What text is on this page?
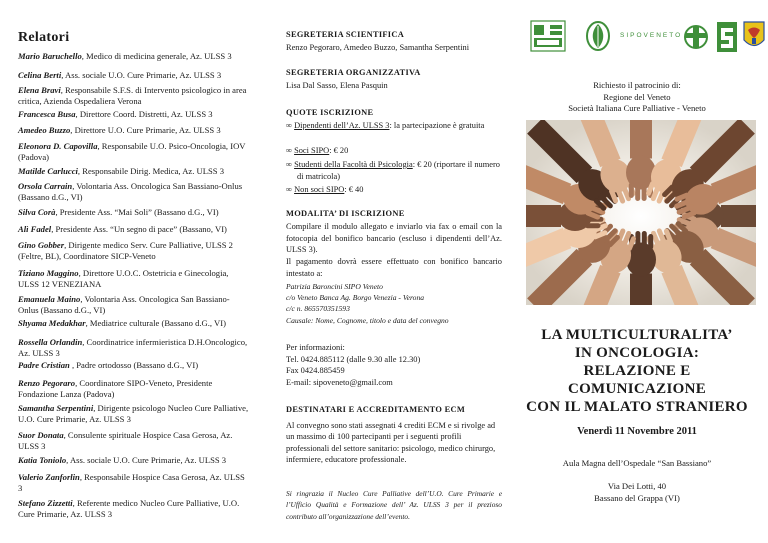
Relatori
Mario Baruchello, Medico di medicina generale, Az. ULSS 3
Celina Berti, Ass. sociale U.O. Cure Primarie, Az. ULSS 3
Elena Bravi, Responsabile S.F.S. di Intervento psicologico in area critica, Azienda Ospedaliera Verona
Francesca Busa, Direttore Coord. Distretti, Az. ULSS 3
Amedeo Buzzo, Direttore U.O. Cure Primarie, Az. ULSS 3
Eleonora D. Capovilla, Responsabile U.O. Psico-Oncologia, IOV (Padova)
Matilde Carlucci, Responsabile Dirig. Medica, Az. ULSS 3
Orsola Carrain, Volontaria Ass. Oncologica San Bassiano-Onlus (Bassano d.G., VI)
Silva Corà, Presidente Ass. “Mai Soli” (Bassano d.G., VI)
Alì Fadel, Presidente Ass. “Un segno di pace” (Bassano, VI)
Gino Gobber, Dirigente medico Serv. Cure Palliative, ULSS 2 (Feltre, BL), Coordinatore SICP-Veneto
Tiziano Maggino, Direttore U.O.C. Ostetricia e Ginecologia, ULSS 12 VENEZIANA
Emanuela Maino, Volontaria Ass. Oncologica San Bassiano-Onlus (Bassano d.G., VI)
Shyama Medakhar, Mediatrice culturale (Bassano d.G., VI)
Rossella Orlandin, Coordinatrice infermieristica D.H.Oncologico, Az. ULSS 3
Padre Cristian , Padre ortodosso (Bassano d.G., VI)
Renzo Pegoraro, Coordinatore SIPO-Veneto, Presidente Fondazione Lanza (Padova)
Samantha Serpentini, Dirigente psicologo Nucleo Cure Palliative, U.O. Cure Primarie, Az. ULSS 3
Suor Donata, Consulente spirituale Hospice Casa Gerosa, Az. ULSS 3
Katia Toniolo, Ass. sociale U.O. Cure Primarie, Az. ULSS 3
Valerio Zanforlin, Responsabile Hospice Casa Gerosa, Az. ULSS 3
Stefano Zizzetti, Referente medico Nucleo Cure Palliative, U.O. Cure Primarie, Az. ULSS 3
SEGRETERIA SCIENTIFICA
Renzo Pegoraro, Amedeo Buzzo, Samantha Serpentini
SEGRETERIA ORGANIZZATIVA
Lisa Dal Sasso, Elena Pasquin
QUOTE ISCRIZIONE
∞ Dipendenti dell’Az. ULSS 3: la partecipazione è gratuita
∞ Soci SIPO: € 20
∞ Studenti della Facoltà di Psicologia: € 20 (riportare il numero di matricola)
∞ Non soci SIPO: € 40
MODALITA’ DI ISCRIZIONE
Compilare il modulo allegato e inviarlo via fax o email con la fotocopia del bonifico bancario (escluso i dipendenti dell’Az. ULSS 3).
Il pagamento dovrà essere effettuato con bonifico bancario intestato a:
Patrizia Baroncini SIPO Veneto
c/o Veneto Banca Ag. Borgo Venezia - Verona
c/c n. 865570351593
Causale: Nome, Cognome, titolo e data del convegno
Per informazioni:
Tel. 0424.885112 (dalle 9.30 alle 12.30)
Fax 0424.885459
E-mail: sipoveneto@gmail.com
DESTINATARI E ACCREDITAMENTO ECM
Al convegno sono stati assegnati 4 crediti ECM e si rivolge ad un massimo di 100 partecipanti per i seguenti profili professionali del settore sanitario: psicologo, medico chirurgo, infermiere, educatore professionale.
Si ringrazia il Nucleo Cure Palliative dell’U.O. Cure Primarie e l’Ufficio Qualità e Formazione dell’ Az. ULSS 3 per il prezioso contributo all’organizzazione dell’evento.
SIPOVENETO
Richiesto il patrocinio di:
Regione del Veneto
Società Italiana Cure Palliative - Veneto
LA MULTICULTURALITA’
IN ONCOLOGIA:
RELAZIONE E COMUNICAZIONE
CON IL MALATO STRANIERO
Venerdì 11 Novembre 2011
Aula Magna dell’Ospedale “San Bassiano”
Via Dei Lotti, 40
Bassano del Grappa (VI)
